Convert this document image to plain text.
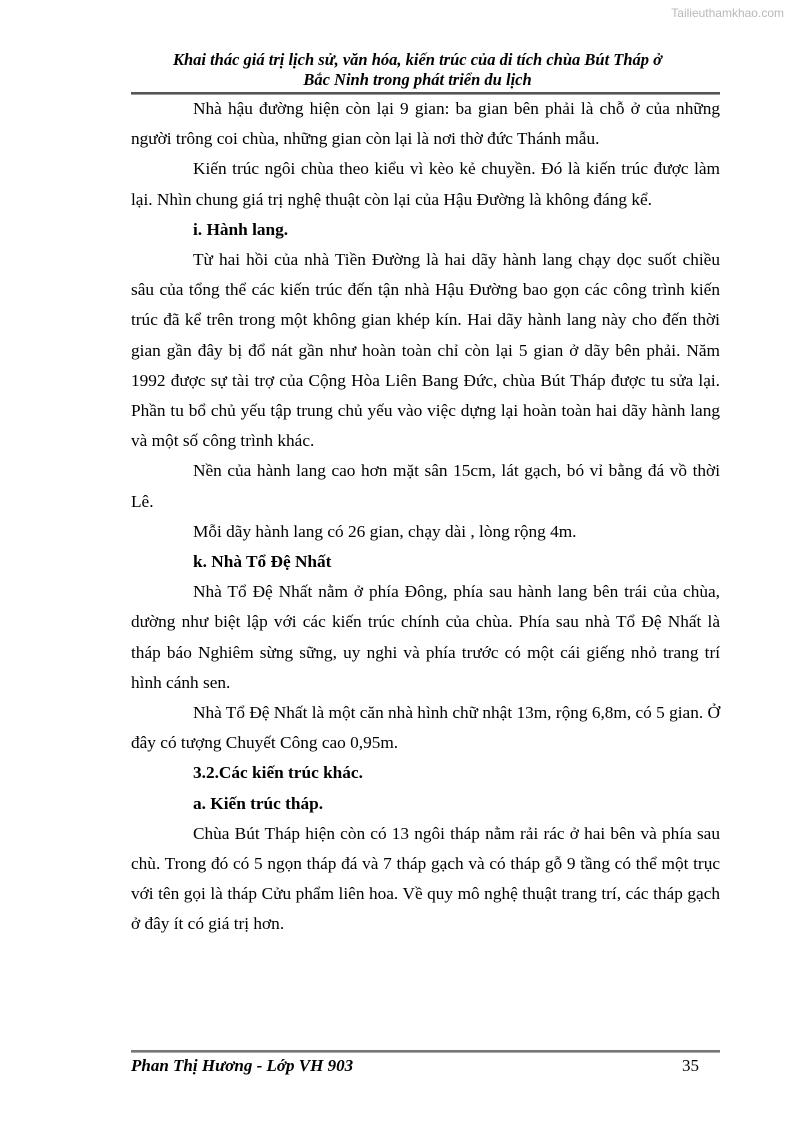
Tailieuthamkhao.com
Khai thác giá trị lịch sử, văn hóa, kiến trúc của di tích chùa Bút Tháp ở
Bắc Ninh trong phát triển du lịch

Nhà hậu đường hiện còn lại 9 gian: ba gian bên phải là chỗ ở của những người trông coi chùa, những gian còn lại là nơi thờ đức Thánh mẫu.

Kiến trúc ngôi chùa theo kiểu vì kèo kẻ chuyền. Đó là kiến trúc được làm lại. Nhìn chung giá trị nghệ thuật còn lại của Hậu Đường là không đáng kể.

i. Hành lang.

Từ hai hồi của nhà Tiền Đường là hai dãy hành lang chạy dọc suốt chiều sâu của tổng thể các kiến trúc đến tận nhà Hậu Đường bao gọn các công trình kiến trúc đã kể trên trong một không gian khép kín. Hai dãy hành lang này cho đến thời gian gần đây bị đổ nát gần như hoàn toàn chỉ còn lại 5 gian ở dãy bên phải. Năm 1992 được sự tài trợ của Cộng Hòa Liên Bang Đức, chùa Bút Tháp được tu sửa lại. Phần tu bổ chủ yếu tập trung chủ yếu vào việc dựng lại hoàn toàn hai dãy hành lang và một số công trình khác.

Nền của hành lang cao hơn mặt sân 15cm, lát gạch, bó vỉ bằng đá vồ thời Lê.

Mỗi dãy hành lang có 26 gian, chạy dài , lòng rộng 4m.

k. Nhà Tổ Đệ Nhất

Nhà Tổ Đệ Nhất nằm ở phía Đông, phía sau hành lang bên trái của chùa, dường như biệt lập với các kiến trúc chính của chùa. Phía sau nhà Tổ Đệ Nhất là tháp báo Nghiêm sừng sững, uy nghi và phía trước có một cái giếng nhỏ trang trí hình cánh sen.

Nhà Tổ Đệ Nhất là một căn nhà hình chữ nhật 13m, rộng 6,8m, có 5 gian. Ở đây có tượng Chuyết Công cao 0,95m.

3.2.Các kiến trúc khác.
a. Kiến trúc tháp.

Chùa Bút Tháp hiện còn có 13 ngôi tháp nằm rải rác ở hai bên và phía sau chù. Trong đó có 5 ngọn tháp đá và 7 tháp gạch và có tháp gỗ 9 tầng có thể một trục với tên gọi là tháp Cửu phẩm liên hoa. Về quy mô nghệ thuật trang trí, các tháp gạch ở đây ít có giá trị hơn.

Phan Thị Hương - Lớp VH 903	35
